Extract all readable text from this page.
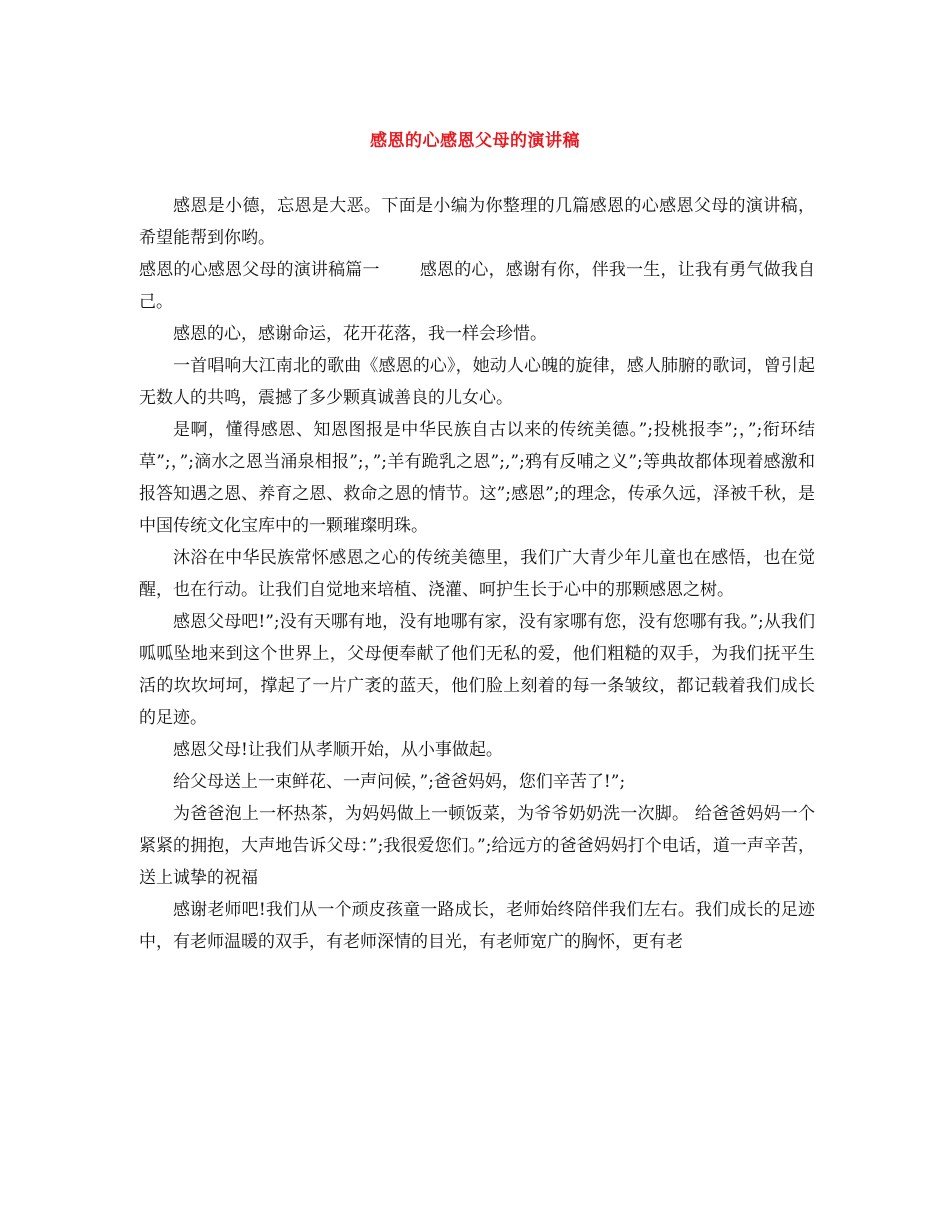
感恩的心感恩父母的演讲稿

感恩是小德，忘恩是大恶。下面是小编为你整理的几篇感恩的心感恩父母的演讲稿，希望能帮到你哟。

感恩的心感恩父母的演讲稿篇一 感恩的心，感谢有你，伴我一生，让我有勇气做我自己。

感恩的心，感谢命运，花开花落，我一样会珍惜。

一首唱响大江南北的歌曲《感恩的心》，她动人心魄的旋律，感人肺腑的歌词，曾引起无数人的共鸣，震撼了多少颗真诚善良的儿女心。

是啊，懂得感恩、知恩图报是中华民族自古以来的传统美德。”;投桃报李”;，”;衔环结草”;，”;滴水之恩当涌泉相报”;，”;羊有跪乳之恩”;,”;鸦有反哺之义”;等典故都体现着感激和报答知遇之恩、养育之恩、救命之恩的情节。这”;感恩”;的理念，传承久远，泽被千秋，是中国传统文化宝库中的一颗璀璨明珠。

沐浴在中华民族常怀感恩之心的传统美德里，我们广大青少年儿童也在感悟，也在觉醒，也在行动。让我们自觉地来培植、浇灌、呵护生长于心中的那颗感恩之树。

感恩父母吧!”;没有天哪有地，没有地哪有家，没有家哪有您，没有您哪有我。”;从我们呱呱坠地来到这个世界上，父母便奉献了他们无私的爱，他们粗糙的双手，为我们抚平生活的坎坎坷坷，撑起了一片广袤的蓝天，他们脸上刻着的每一条皱纹，都记载着我们成长的足迹。

感恩父母!让我们从孝顺开始，从小事做起。

给父母送上一束鲜花、一声问候，”;爸爸妈妈，您们辛苦了!”;

为爸爸泡上一杯热茶，为妈妈做上一顿饭菜，为爷爷奶奶洗一次脚。 给爸爸妈妈一个紧紧的拥抱，大声地告诉父母：”;我很爱您们。”;给远方的爸爸妈妈打个电话，道一声辛苦，送上诚挚的祝福

感谢老师吧!我们从一个顽皮孩童一路成长，老师始终陪伴我们左右。我们成长的足迹中，有老师温暖的双手，有老师深情的目光，有老师宽广的胸怀，更有老
